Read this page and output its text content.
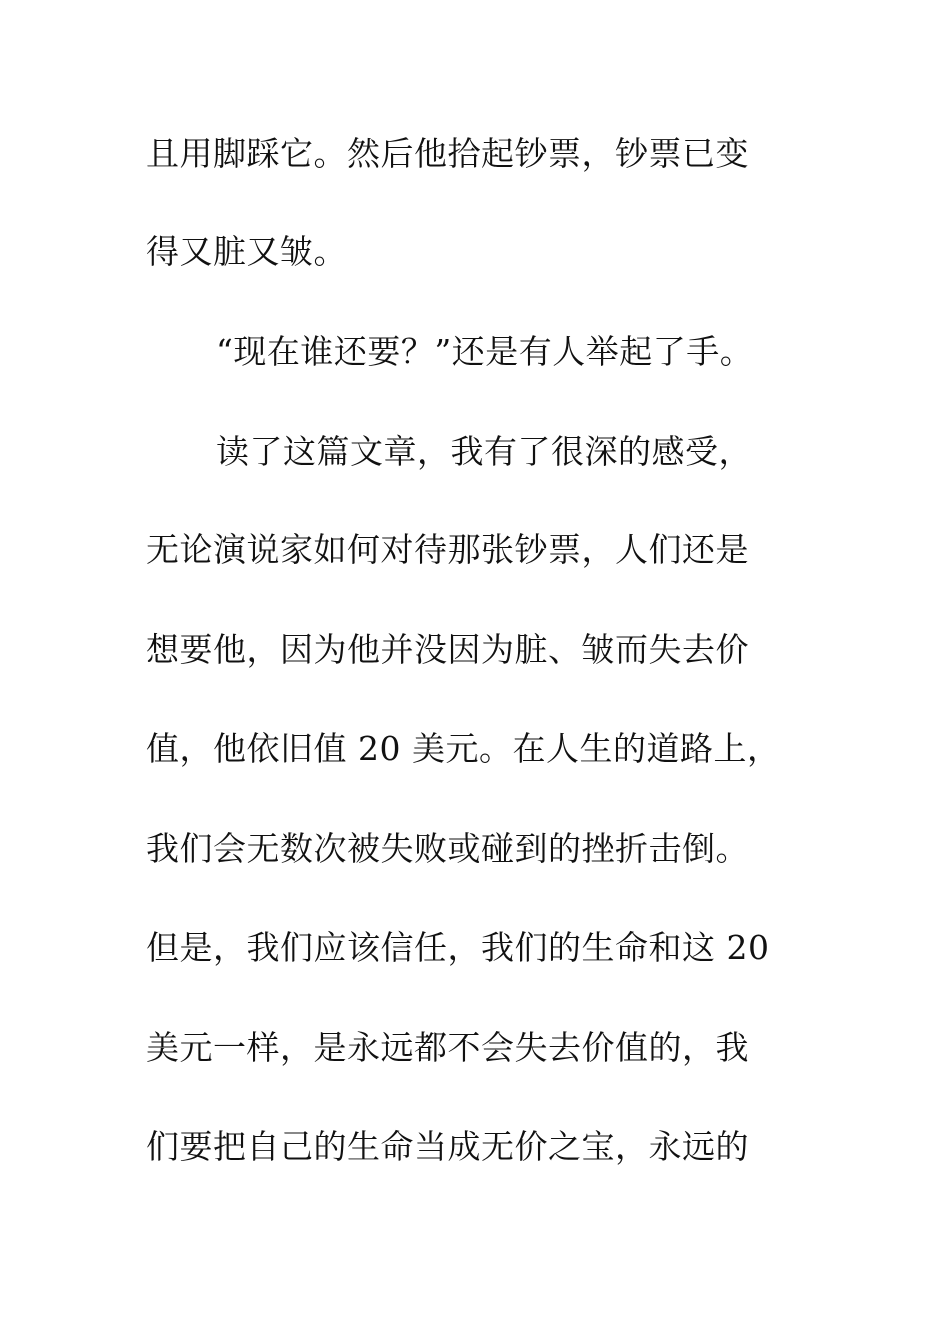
且用脚踩它。然后他拾起钞票，钞票已变
得又脏又皱。
“现在谁还要？”还是有人举起了手。
读了这篇文章，我有了很深的感受，
无论演说家如何对待那张钞票，人们还是
想要他，因为他并没因为脏、皱而失去价
值，他依旧值 20 美元。在人生的道路上，
我们会无数次被失败或碰到的挫折击倒。
但是，我们应该信任，我们的生命和这 20
美元一样，是永远都不会失去价值的，我
们要把自己的生命当成无价之宝，永远的
